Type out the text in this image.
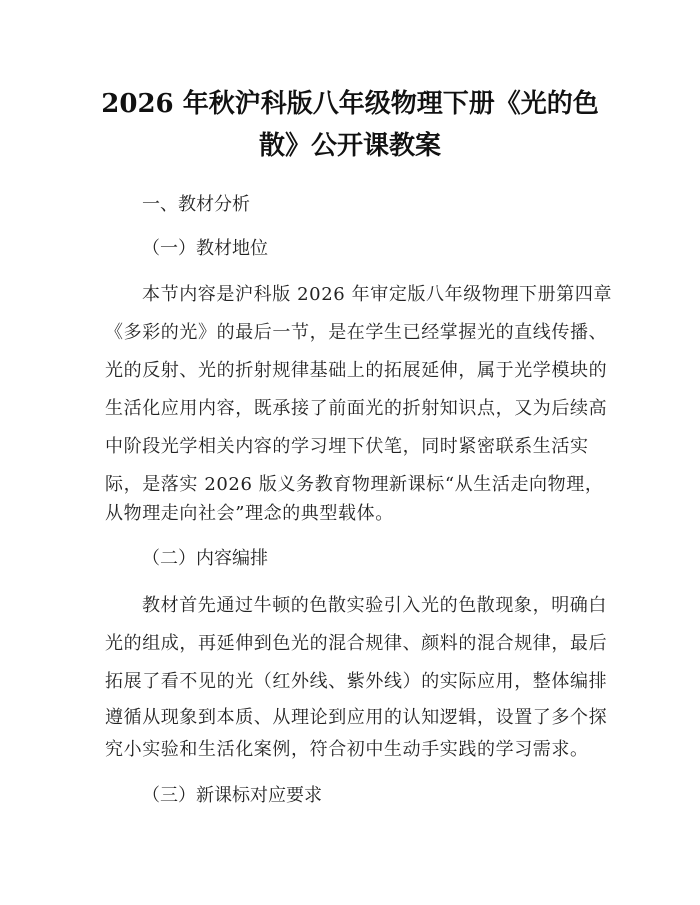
2026 年秋沪科版八年级物理下册《光的色
散》公开课教案
一、教材分析
（一）教材地位
本节内容是沪科版 2026 年审定版八年级物理下册第四章
《多彩的光》的最后一节，是在学生已经掌握光的直线传播、
光的反射、光的折射规律基础上的拓展延伸，属于光学模块的
生活化应用内容，既承接了前面光的折射知识点，又为后续高
中阶段光学相关内容的学习埋下伏笔，同时紧密联系生活实
际，是落实 2026 版义务教育物理新课标“从生活走向物理，
从物理走向社会”理念的典型载体。
（二）内容编排
教材首先通过牛顿的色散实验引入光的色散现象，明确白
光的组成，再延伸到色光的混合规律、颜料的混合规律，最后
拓展了看不见的光（红外线、紫外线）的实际应用，整体编排
遵循从现象到本质、从理论到应用的认知逻辑，设置了多个探
究小实验和生活化案例，符合初中生动手实践的学习需求。
（三）新课标对应要求
